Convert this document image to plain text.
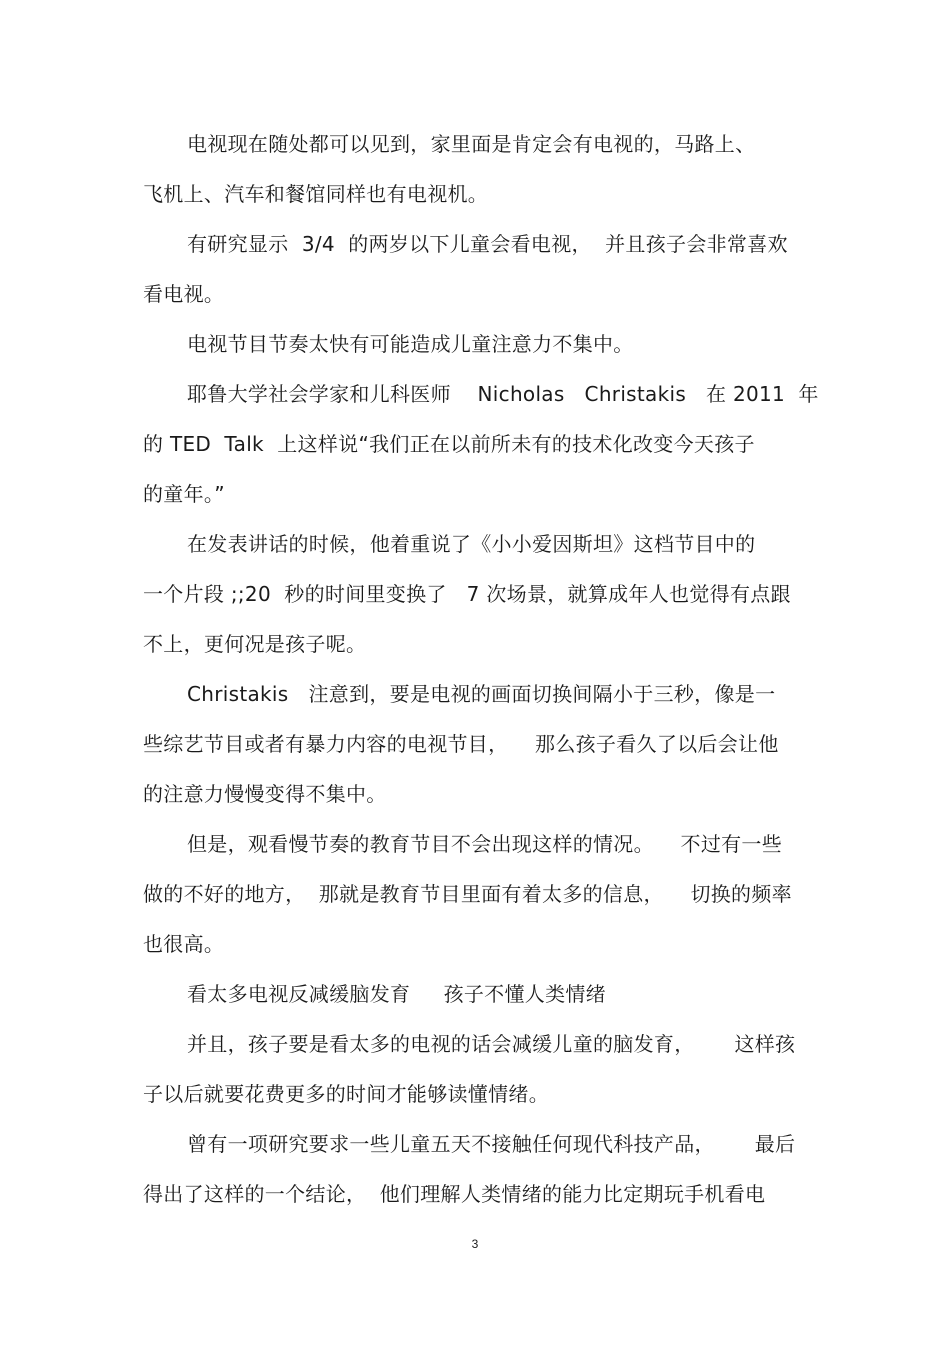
电视现在随处都可以见到，家里面是肯定会有电视的，马路上、
飞机上、汽车和餐馆同样也有电视机。
有研究显示  3/4  的两岁以下儿童会看电视，  并且孩子会非常喜欢
看电视。
电视节目节奏太快有可能造成儿童注意力不集中。
耶鲁大学社会学家和儿科医师    Nicholas   Christakis   在 2011  年
的 TED  Talk  上这样说“我们正在以前所未有的技术化改变今天孩子
的童年。”
在发表讲话的时候，他着重说了《小小爱因斯坦》这档节目中的
一个片段 ;;20  秒的时间里变换了   7 次场景，就算成年人也觉得有点跟
不上，更何况是孩子呢。
Christakis   注意到，要是电视的画面切换间隔小于三秒，像是一
些综艺节目或者有暴力内容的电视节目，    那么孩子看久了以后会让他
的注意力慢慢变得不集中。
但是，观看慢节奏的教育节目不会出现这样的情况。    不过有一些
做的不好的地方，  那就是教育节目里面有着太多的信息，    切换的频率
也很高。
看太多电视反减缓脑发育     孩子不懂人类情绪
并且，孩子要是看太多的电视的话会减缓儿童的脑发育，      这样孩
子以后就要花费更多的时间才能够读懂情绪。
曾有一项研究要求一些儿童五天不接触任何现代科技产品，      最后
得出了这样的一个结论，  他们理解人类情绪的能力比定期玩手机看电
3
